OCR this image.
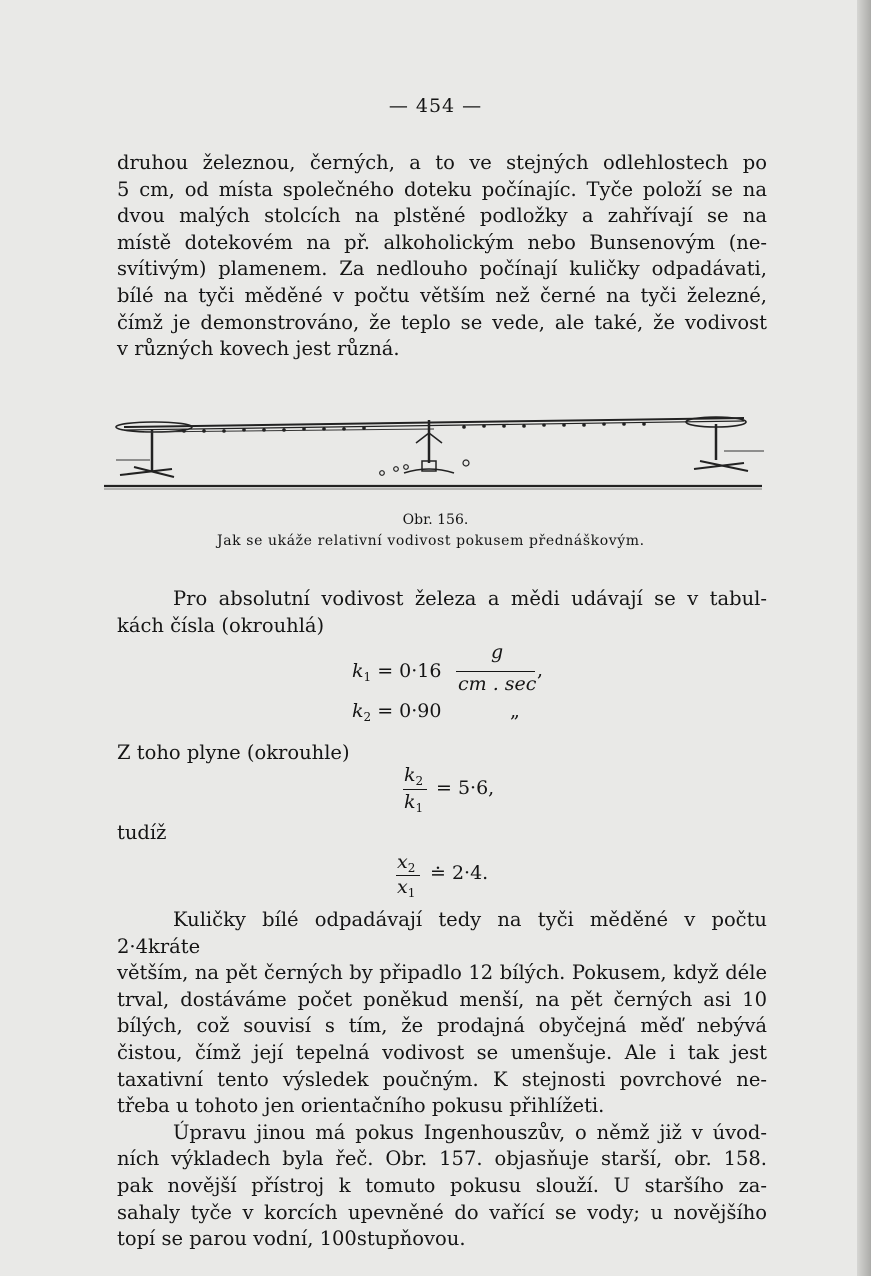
— 454 —

druhou železnou, černých, a to ve stejných odlehlostech po

5 cm, od místa společného doteku počínajíc. Tyče položí se na

dvou malých stolcích na plstěné podložky a zahřívají se na

místě dotekovém na př. alkoholickým nebo Bunsenovým (ne-

svítivým) plamenem. Za nedlouho počínají kuličky odpadávati,

bílé na tyči měděné v počtu větším než černé na tyči železné,

čímž je demonstrováno, že teplo se vede, ale také, že vodivost

v různých kovech jest různá.

Obr. 156.
Jak se ukáže relativní vodivost pokusem přednáškovým.

Pro absolutní vodivost železa a mědi udávají se v tabul-

kách čísla (okrouhlá)

$k_1 = 0\cdot 16$
g
cm . sec
,
$k_2 = 0\cdot 90$	„
Z toho plyne (okrouhle)
$k_2$
$k_1$
= 5·6,
tudíž
$x_2$
$x_1$
≐ 2·4.

Kuličky bílé odpadávají tedy na tyči měděné v počtu 2·4kráte

větším, na pět černých by připadlo 12 bílých. Pokusem, když déle

trval, dostáváme počet poněkud menší, na pět černých asi 10

bílých, což souvisí s tím, že prodajná obyčejná měď nebývá

čistou, čímž její tepelná vodivost se umenšuje. Ale i tak jest

taxativní tento výsledek poučným. K stejnosti povrchové ne-

třeba u tohoto jen orientačního pokusu přihlížeti.

Úpravu jinou má pokus Ingenhouszův, o němž již v úvod-

ních výkladech byla řeč. Obr. 157. objasňuje starší, obr. 158.

pak novější přístroj k tomuto pokusu slouží. U staršího za-

sahaly tyče v korcích upevněné do vařící se vody; u novějšího

topí se parou vodní, 100stupňovou.
